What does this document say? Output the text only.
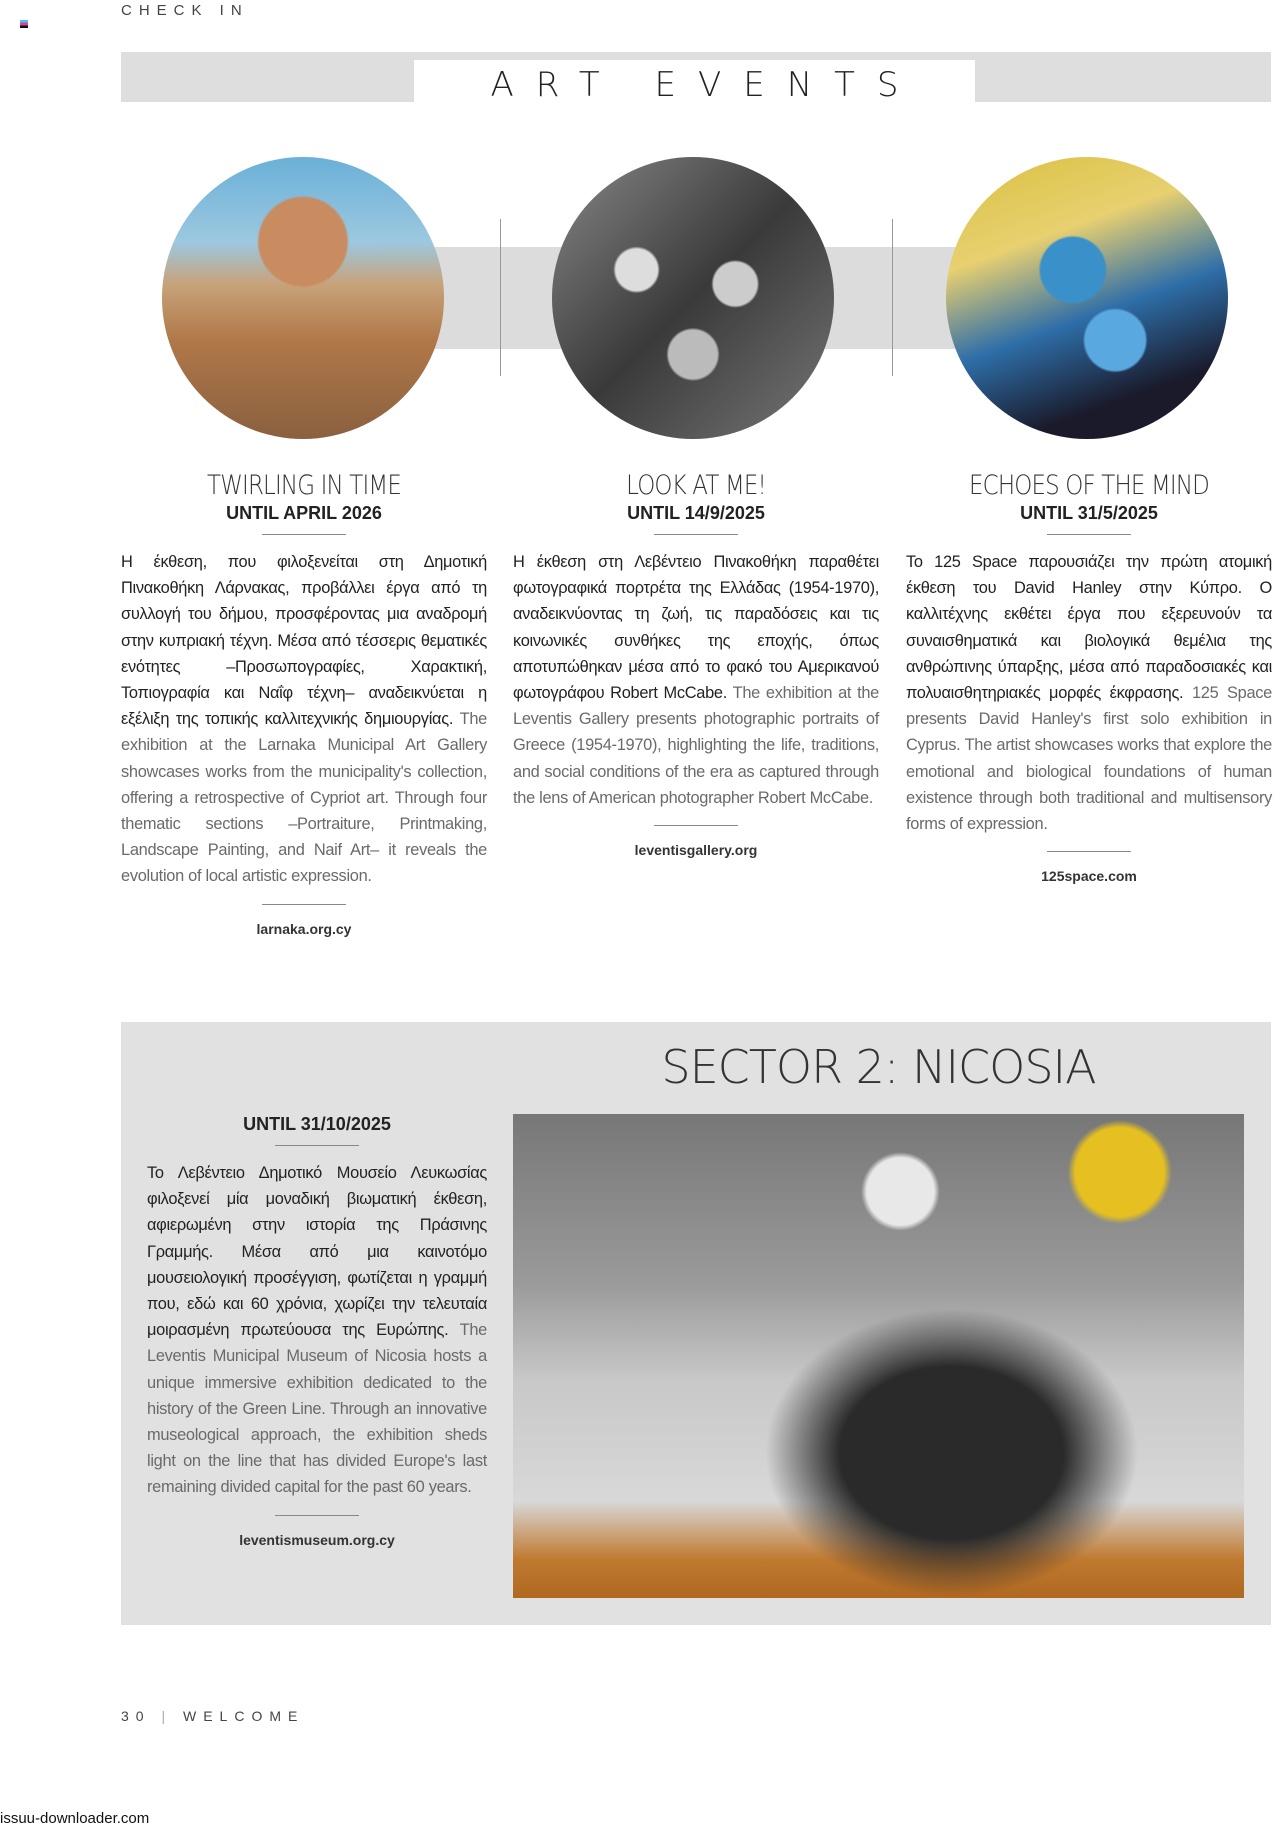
CHECK IN
ART EVENTS
TWIRLING IN TIME
UNTIL APRIL 2026
Η έκθεση, που φιλοξενείται στη Δημοτική Πινακοθήκη Λάρνακας, προβάλλει έργα από τη συλλογή του δήμου, προσφέροντας μια αναδρομή στην κυπριακή τέχνη. Μέσα από τέσσερις θεματικές ενότητες –Προσωπογραφίες, Χαρακτική, Τοπιογραφία και Ναΐφ τέχνη– αναδεικνύεται η εξέλιξη της τοπικής καλλιτεχνικής δημιουργίας. The exhibition at the Larnaka Municipal Art Gallery showcases works from the municipality's collection, offering a retrospective of Cypriot art. Through four thematic sections –Portraiture, Printmaking, Landscape Painting, and Naif Art– it reveals the evolution of local artistic expression.
larnaka.org.cy
LOOK AT ME!
UNTIL 14/9/2025
Η έκθεση στη Λεβέντειο Πινακοθήκη παραθέτει φωτογραφικά πορτρέτα της Ελλάδας (1954-1970), αναδεικνύοντας τη ζωή, τις παραδόσεις και τις κοινωνικές συνθήκες της εποχής, όπως αποτυπώθηκαν μέσα από το φακό του Αμερικανού φωτογράφου Robert McCabe. The exhibition at the Leventis Gallery presents photographic portraits of Greece (1954-1970), highlighting the life, traditions, and social conditions of the era as captured through the lens of American photographer Robert McCabe.
leventisgallery.org
ECHOES OF THE MIND
UNTIL 31/5/2025
Το 125 Space παρουσιάζει την πρώτη ατομική έκθεση του David Hanley στην Κύπρο. Ο καλλιτέχνης εκθέτει έργα που εξερευνούν τα συναισθηματικά και βιολογικά θεμέλια της ανθρώπινης ύπαρξης, μέσα από παραδοσιακές και πολυαισθητηριακές μορφές έκφρασης. 125 Space presents David Hanley's first solo exhibition in Cyprus. The artist showcases works that explore the emotional and biological foundations of human existence through both traditional and multisensory forms of expression.
125space.com
SECTOR 2: NICOSIA
UNTIL 31/10/2025
Το Λεβέντειο Δημοτικό Μουσείο Λευκωσίας φιλοξενεί μία μοναδική βιωματική έκθεση, αφιερωμένη στην ιστορία της Πράσινης Γραμμής. Μέσα από μια καινοτόμο μουσειολογική προσέγγιση, φωτίζεται η γραμμή που, εδώ και 60 χρόνια, χωρίζει την τελευταία μοιρασμένη πρωτεύουσα της Ευρώπης. The Leventis Municipal Museum of Nicosia hosts a unique immersive exhibition dedicated to the history of the Green Line. Through an innovative museological approach, the exhibition sheds light on the line that has divided Europe's last remaining divided capital for the past 60 years.
leventismuseum.org.cy
30 | WELCOME
issuu-downloader.com
